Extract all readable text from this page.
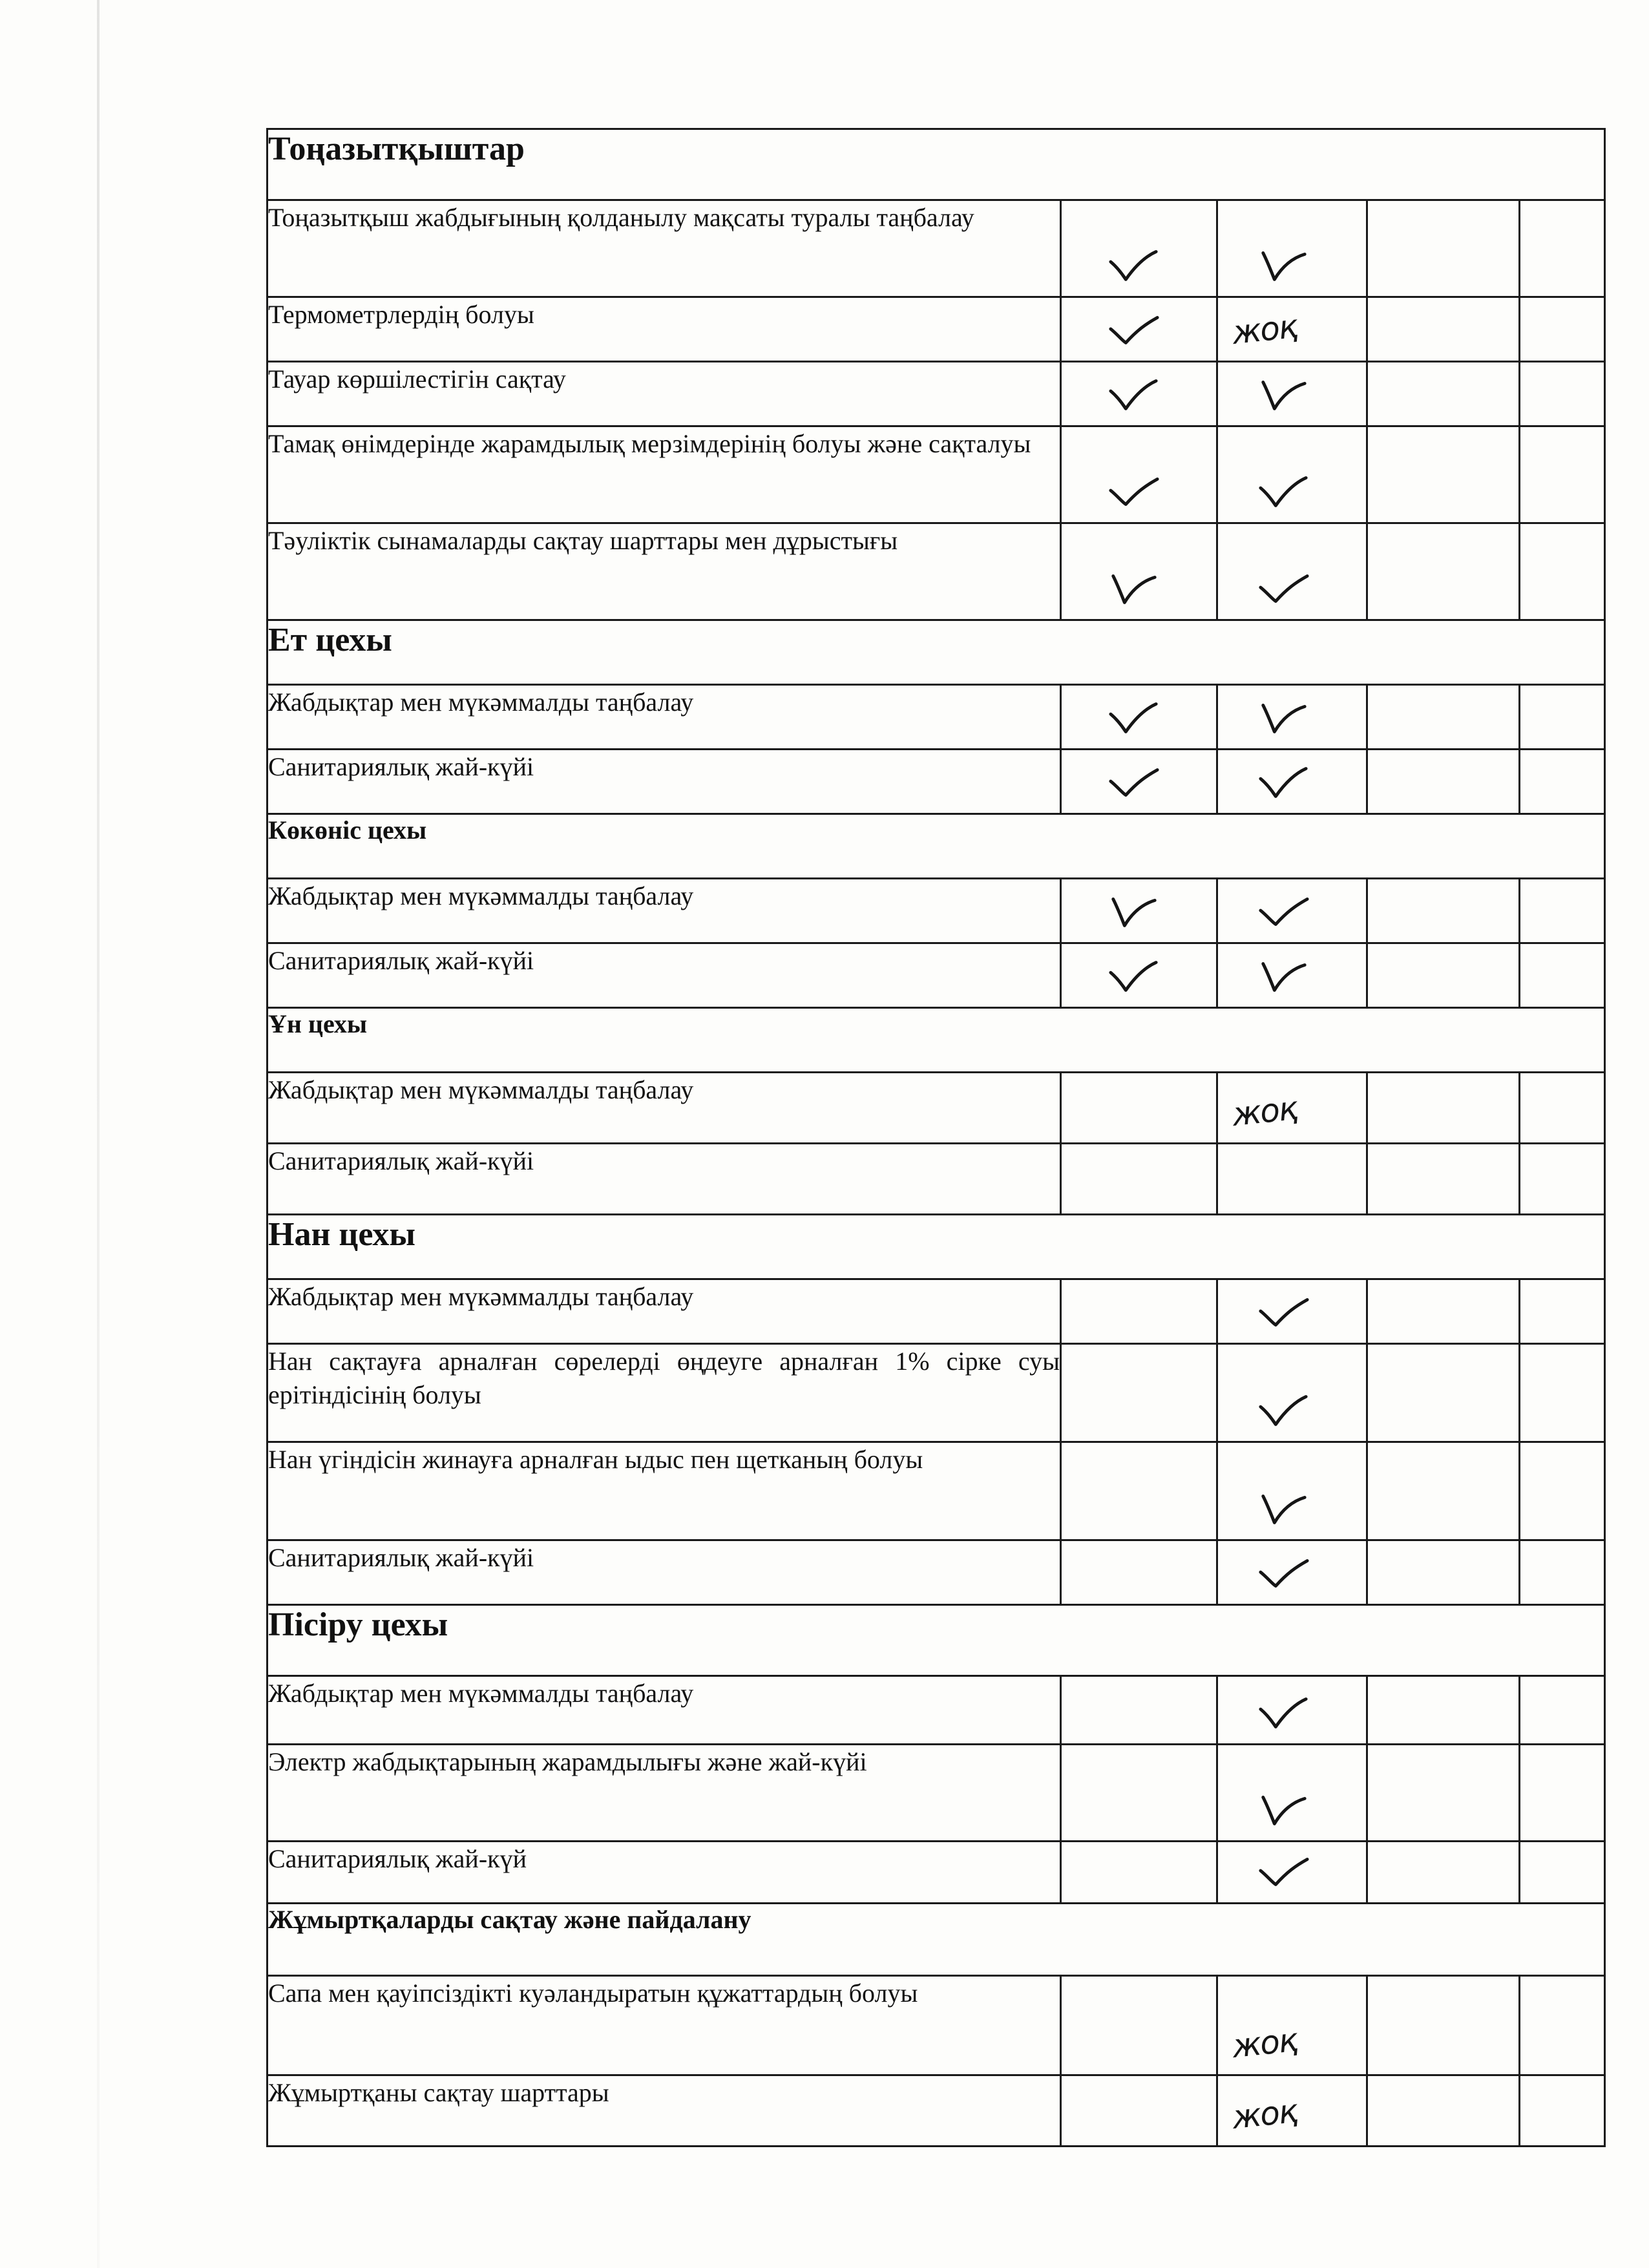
Тоңазытқыштар				
Тоңазытқыш жабдығының қолданылу мақсаты туралы таңбалау	

Термометрлердің болуы		жоқ		

Тауар көршілестігін сақтау	

Тамақ өнімдерінде жарамдылық мерзімдерінің болуы және сақталуы	

Тәуліктік сынамаларды сақтау шарттары мен дұрыстығы	

Ет цехы				
Жабдықтар мен мүкәммалды таңбалау	

Санитариялық жай-күйі	

Көкөніс цехы				
Жабдықтар мен мүкәммалды таңбалау	

Санитариялық жай-күйі	

Ұн цехы				
Жабдықтар мен мүкәммалды таңбалау		жоқ		

Санитариялық жай-күйі				
Нан цехы				
Жабдықтар мен мүкәммалды таңбалау		

Нан сақтауға арналған сөрелерді өңдеуге арналған 1% сірке суы ерітіндісінің болуы		

Нан үгіндісін жинауға арналған ыдыс пен щетканың болуы		

Санитариялық жай-күйі		

Пісіру цехы				
Жабдықтар мен мүкәммалды таңбалау		

Электр жабдықтарының жарамдылығы және жай-күйі		

Санитариялық жай-күй		

Жұмыртқаларды сақтау және пайдалану				
Сапа мен қауіпсіздікті куәландыратын құжаттардың болуы		жоқ		

Жұмыртқаны сақтау шарттары		жоқ		
